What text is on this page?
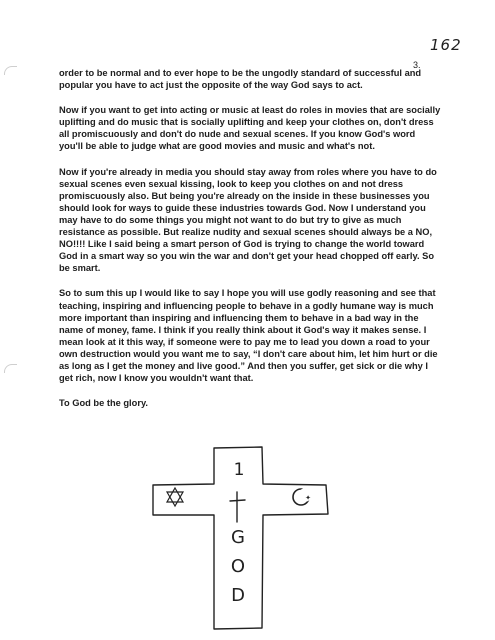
162
3.

order to be normal and to ever hope to be the ungodly standard of successful and popular you have to act just the opposite of the way God says to act.

Now if you want to get into acting or music at least do roles in movies that are socially uplifting and do music that is socially uplifting and keep your clothes on, don't dress all promiscuously and don't do nude and sexual scenes. If you know God's word you'll be able to judge what are good movies and music and what's not.

Now if you're already in media you should stay away from roles where you have to do sexual scenes even sexual kissing, look to keep you clothes on and not dress promiscuously also. But being you're already on the inside in these businesses you should look for ways to guide these industries towards God. Now I understand you may have to do some things you might not want to do but try to give as much resistance as possible. But realize nudity and sexual scenes should always be a NO, NO!!!! Like I said being a smart person of God is trying to change the world toward God in a smart way so you win the war and don't get your head chopped off early. So be smart.

So to sum this up I would like to say I hope you will use godly reasoning and see that teaching, inspiring and influencing people to behave in a godly humane way is much more important than inspiring and influencing them to behave in a bad way in the name of money, fame. I think if you really think about it God's way it makes sense. I mean look at it this way, if someone were to pay me to lead you down a road to your own destruction would you want me to say, “I don't care about him, let him hurt or die as long as I get the money and live good.” And then you suffer, get sick or die why I get rich, now I know you wouldn't want that.

To God be the glory.

1
✦
G
O
D
